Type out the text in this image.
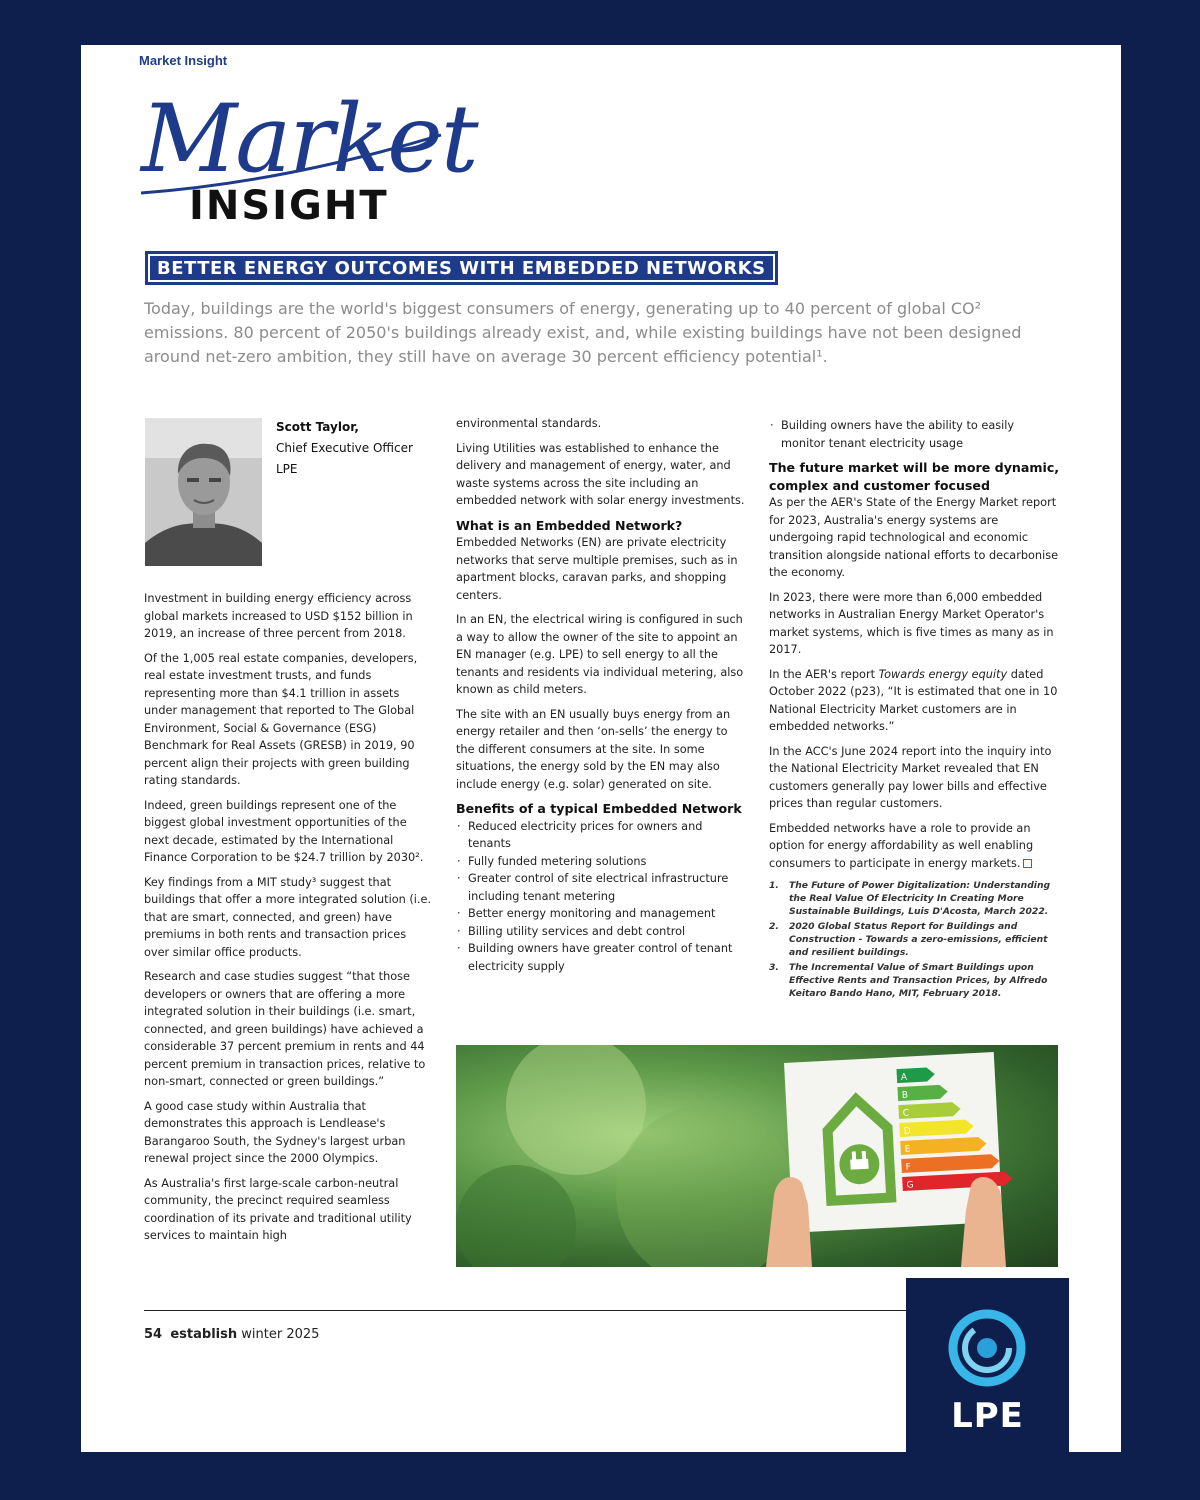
Market Insight
Market
INSIGHT
BETTER ENERGY OUTCOMES WITH EMBEDDED NETWORKS
Today, buildings are the world's biggest consumers of energy, generating up to 40 percent of global CO² emissions. 80 percent of 2050's buildings already exist, and, while existing buildings have not been designed around net-zero ambition, they still have on average 30 percent efficiency potential¹.
Scott Taylor,
Chief Executive Officer
LPE

Investment in building energy efficiency across global markets increased to USD $152 billion in 2019, an increase of three percent from 2018.

Of the 1,005 real estate companies, developers, real estate investment trusts, and funds representing more than $4.1 trillion in assets under management that reported to The Global Environment, Social & Governance (ESG) Benchmark for Real Assets (GRESB) in 2019, 90 percent align their projects with green building rating standards.

Indeed, green buildings represent one of the biggest global investment opportunities of the next decade, estimated by the International Finance Corporation to be $24.7 trillion by 2030².

Key findings from a MIT study³ suggest that buildings that offer a more integrated solution (i.e. that are smart, connected, and green) have premiums in both rents and transaction prices over similar office products.

Research and case studies suggest “that those developers or owners that are offering a more integrated solution in their buildings (i.e. smart, connected, and green buildings) have achieved a considerable 37 percent premium in rents and 44 percent premium in transaction prices, relative to non-smart, connected or green buildings.”

A good case study within Australia that demonstrates this approach is Lendlease's Barangaroo South, the Sydney's largest urban renewal project since the 2000 Olympics.

As Australia's first large-scale carbon-neutral community, the precinct required seamless coordination of its private and traditional utility services to maintain high

environmental standards.

Living Utilities was established to enhance the delivery and management of energy, water, and waste systems across the site including an embedded network with solar energy investments.

What is an Embedded Network?

Embedded Networks (EN) are private electricity networks that serve multiple premises, such as in apartment blocks, caravan parks, and shopping centers.

In an EN, the electrical wiring is configured in such a way to allow the owner of the site to appoint an EN manager (e.g. LPE) to sell energy to all the tenants and residents via individual metering, also known as child meters.

The site with an EN usually buys energy from an energy retailer and then ‘on-sells’ the energy to the different consumers at the site. In some situations, the energy sold by the EN may also include energy (e.g. solar) generated on site.

Benefits of a typical Embedded Network
· Reduced electricity prices for owners and tenants
· Fully funded metering solutions
· Greater control of site electrical infrastructure including tenant metering
· Better energy monitoring and management
· Billing utility services and debt control
· Building owners have greater control of tenant electricity supply
· Building owners have the ability to easily monitor tenant electricity usage
The future market will be more dynamic, complex and customer focused

As per the AER's State of the Energy Market report for 2023, Australia's energy systems are undergoing rapid technological and economic transition alongside national efforts to decarbonise the economy.

In 2023, there were more than 6,000 embedded networks in Australian Energy Market Operator's market systems, which is five times as many as in 2017.

In the AER's report Towards energy equity dated October 2022 (p23), “It is estimated that one in 10 National Electricity Market customers are in embedded networks.”

In the ACC's June 2024 report into the inquiry into the National Electricity Market revealed that EN customers generally pay lower bills and effective prices than regular customers.

Embedded networks have a role to provide an option for energy affordability as well enabling consumers to participate in energy markets.

1. The Future of Power Digitalization: Understanding the Real Value Of Electricity In Creating More Sustainable Buildings, Luis D'Acosta, March 2022.
2. 2020 Global Status Report for Buildings and Construction - Towards a zero-emissions, efficient and resilient buildings.
3. The Incremental Value of Smart Buildings upon Effective Rents and Transaction Prices, by Alfredo Keitaro Bando Hano, MIT, February 2018.
A
B
C
D
E
F
G
54 establish winter 2025
LPE
